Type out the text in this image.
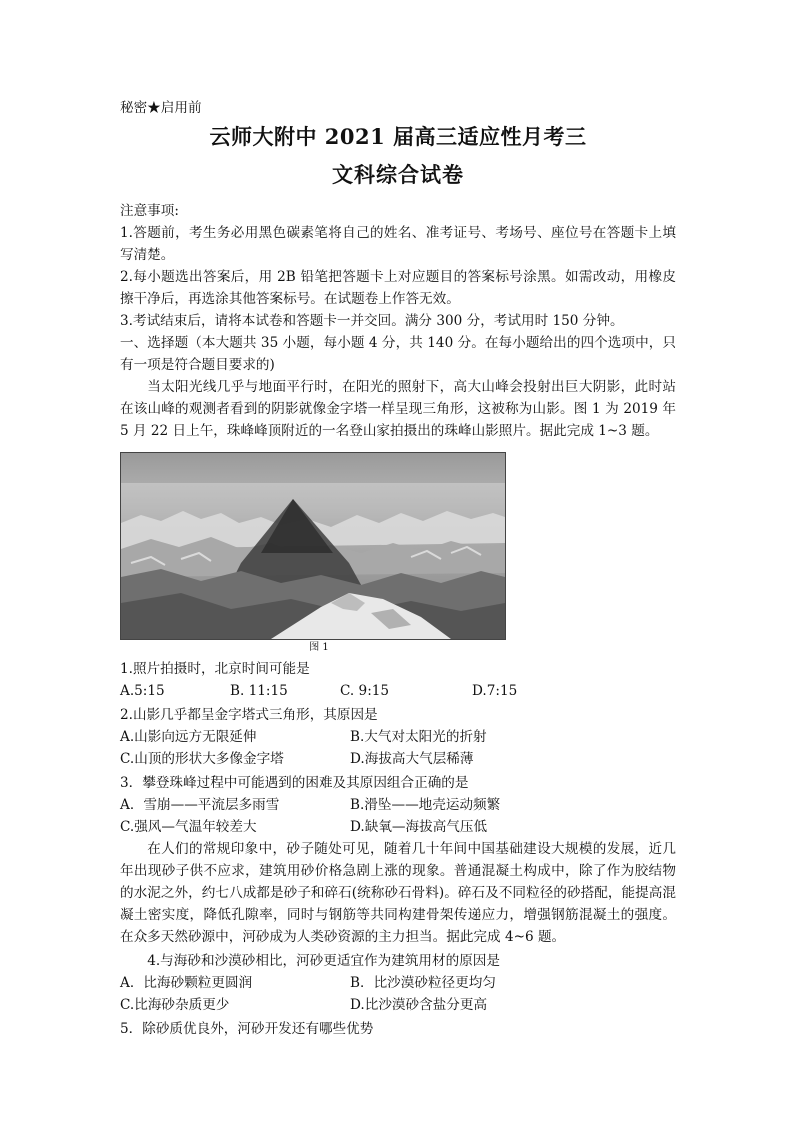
秘密★启用前
云师大附中 2021 届高三适应性月考三
文科综合试卷

注意事项:

1.答题前，考生务必用黑色碳素笔将自己的姓名、准考证号、考场号、座位号在答题卡上填写清楚。

2.每小题选出答案后，用 2B 铅笔把答题卡上对应题目的答案标号涂黑。如需改动，用橡皮擦干净后，再选涂其他答案标号。在试题卷上作答无效。

3.考试结束后，请将本试卷和答题卡一并交回。满分 300 分，考试用时 150 分钟。

一、选择题（本大题共 35 小题，每小题 4 分，共 140 分。在每小题给出的四个选项中，只有一项是符合题目要求的)

当太阳光线几乎与地面平行时，在阳光的照射下，高大山峰会投射出巨大阴影，此时站在该山峰的观测者看到的阴影就像金字塔一样呈现三角形，这被称为山影。图 1 为 2019 年 5 月 22 日上午，珠峰峰顶附近的一名登山家拍摄出的珠峰山影照片。据此完成 1~3 题。

图 1

1.照片拍摄时，北京时间可能是

A.5:15	B. 11:15	C. 9:15	D.7:15

2.山影几乎都呈金字塔式三角形，其原因是

A.山影向远方无限延伸	B.大气对太阳光的折射
C.山顶的形状大多像金字塔	D.海拔高大气层稀薄

3．攀登珠峰过程中可能遇到的困难及其原因组合正确的是

A．雪崩——平流层多雨雪	B.滑坠——地壳运动频繁
C.强风—气温年较差大	D.缺氧—海拔高气压低

在人们的常规印象中，砂子随处可见，随着几十年间中国基础建设大规模的发展，近几年出现砂子供不应求，建筑用砂价格急剧上涨的现象。普通混凝土构成中，除了作为胶结物的水泥之外，约七八成都是砂子和碎石(统称砂石骨料)。碎石及不同粒径的砂搭配，能提高混凝土密实度，降低孔隙率，同时与钢筋等共同构建骨架传递应力，增强钢筋混凝土的强度。在众多天然砂源中，河砂成为人类砂资源的主力担当。据此完成 4~6 题。

4.与海砂和沙漠砂相比，河砂更适宜作为建筑用材的原因是

A．比海砂颗粒更圆润	B．比沙漠砂粒径更均匀
C.比海砂杂质更少	D.比沙漠砂含盐分更高

5．除砂质优良外，河砂开发还有哪些优势
